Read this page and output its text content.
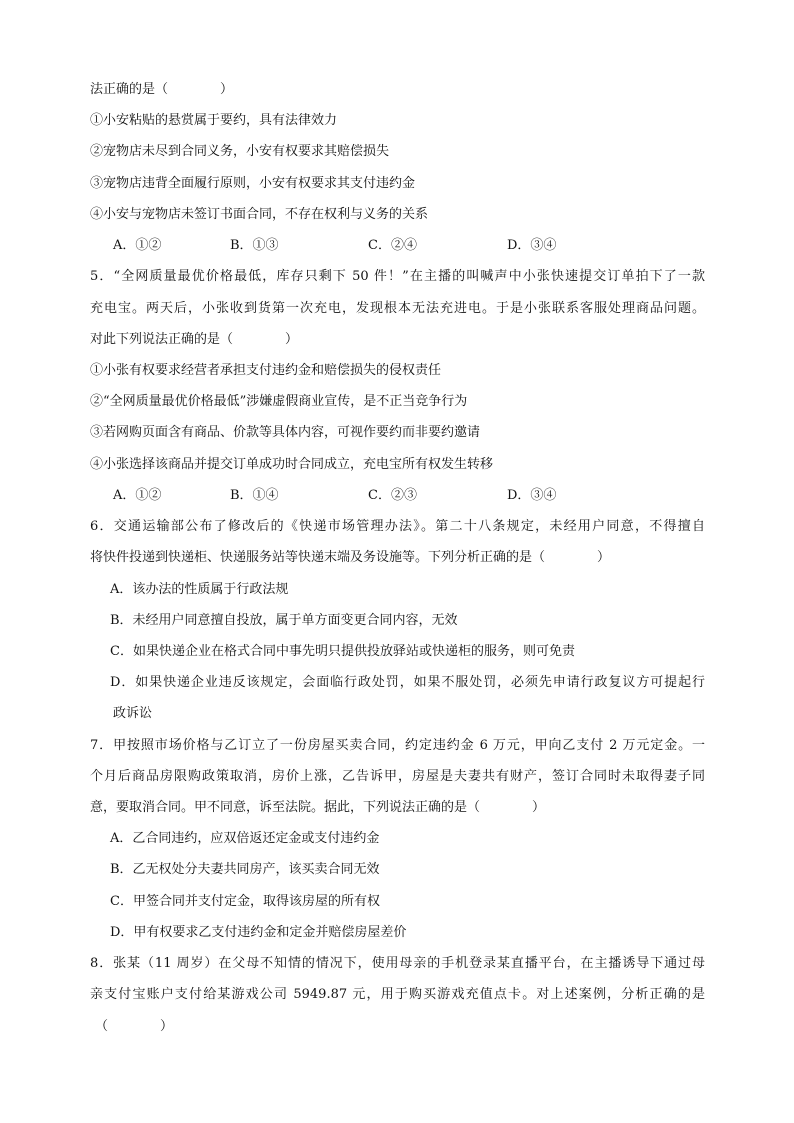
法正确的是（　　　　）
①小安粘贴的悬赏属于要约，具有法律效力
②宠物店未尽到合同义务，小安有权要求其赔偿损失
③宠物店违背全面履行原则，小安有权要求其支付违约金
④小安与宠物店未签订书面合同，不存在权利与义务的关系
A．①②	B．①③	C．②④	D．③④
5．“全网质量最优价格最低，库存只剩下 50 件！”在主播的叫喊声中小张快速提交订单拍下了一款
充电宝。两天后，小张收到货第一次充电，发现根本无法充进电。于是小张联系客服处理商品问题。
对此下列说法正确的是（　　　　）
①小张有权要求经营者承担支付违约金和赔偿损失的侵权责任
②“全网质量最优价格最低”涉嫌虚假商业宣传，是不正当竞争行为
③若网购页面含有商品、价款等具体内容，可视作要约而非要约邀请
④小张选择该商品并提交订单成功时合同成立，充电宝所有权发生转移
A．①②	B．①④	C．②③	D．③④
6．交通运输部公布了修改后的《快递市场管理办法》。第二十八条规定，未经用户同意，不得擅自
将快件投递到快递柜、快递服务站等快递末端及务设施等。下列分析正确的是（　　　　）
A．该办法的性质属于行政法规
B．未经用户同意擅自投放，属于单方面变更合同内容，无效
C．如果快递企业在格式合同中事先明只提供投放驿站或快递柜的服务，则可免责
D．如果快递企业违反该规定，会面临行政处罚，如果不服处罚，必须先申请行政复议方可提起行
政诉讼
7．甲按照市场价格与乙订立了一份房屋买卖合同，约定违约金 6 万元，甲向乙支付 2 万元定金。一
个月后商品房限购政策取消，房价上涨，乙告诉甲，房屋是夫妻共有财产，签订合同时未取得妻子同
意，要取消合同。甲不同意，诉至法院。据此，下列说法正确的是（　　　　）
A．乙合同违约，应双倍返还定金或支付违约金
B．乙无权处分夫妻共同房产，该买卖合同无效
C．甲签合同并支付定金，取得该房屋的所有权
D．甲有权要求乙支付违约金和定金并赔偿房屋差价
8．张某（11 周岁）在父母不知情的情况下，使用母亲的手机登录某直播平台，在主播诱导下通过母
亲支付宝账户支付给某游戏公司 5949.87 元，用于购买游戏充值点卡。对上述案例，分析正确的是
（　　　　）
